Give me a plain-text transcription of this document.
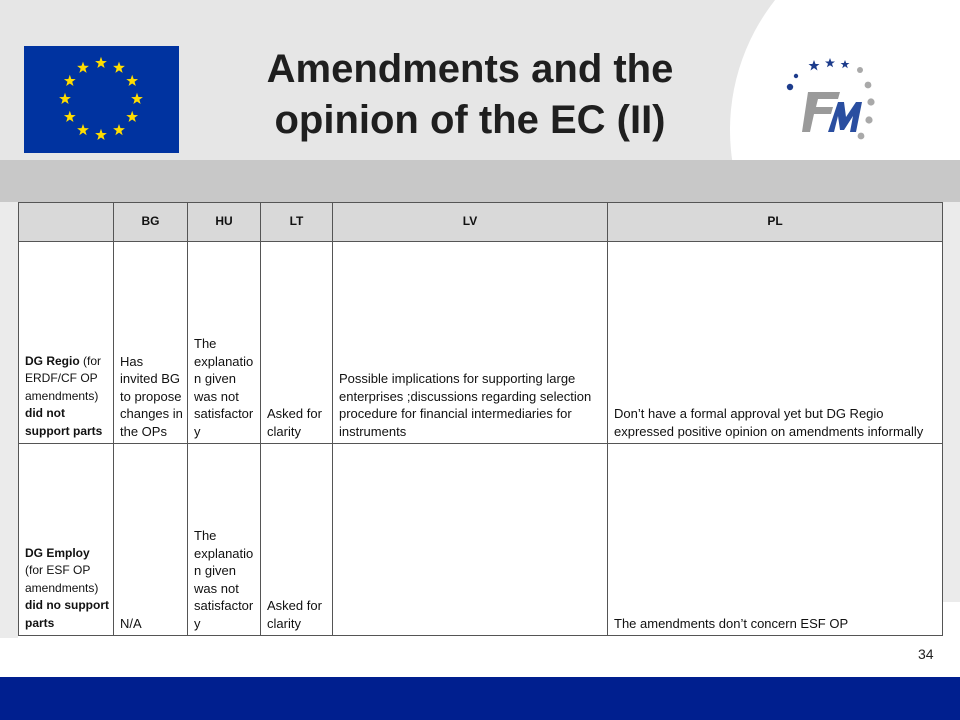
Amendments and the
opinion of the EC (II)
	BG	HU	LT	LV	PL
DG Regio (for ERDF/CF OP amendments) did not support parts	Has invited BG to propose changes in the OPs	The explanation given was not satisfactory	Asked for clarity	Possible implications for supporting large enterprises ;discussions regarding selection procedure for financial intermediaries for instruments	Don’t have a formal approval yet but DG Regio expressed positive opinion on amendments informally
DG Employ (for ESF OP amendments) did no support parts	N/A	The explanation given was not satisfactory	Asked for clarity		The amendments don’t concern ESF OP
34
